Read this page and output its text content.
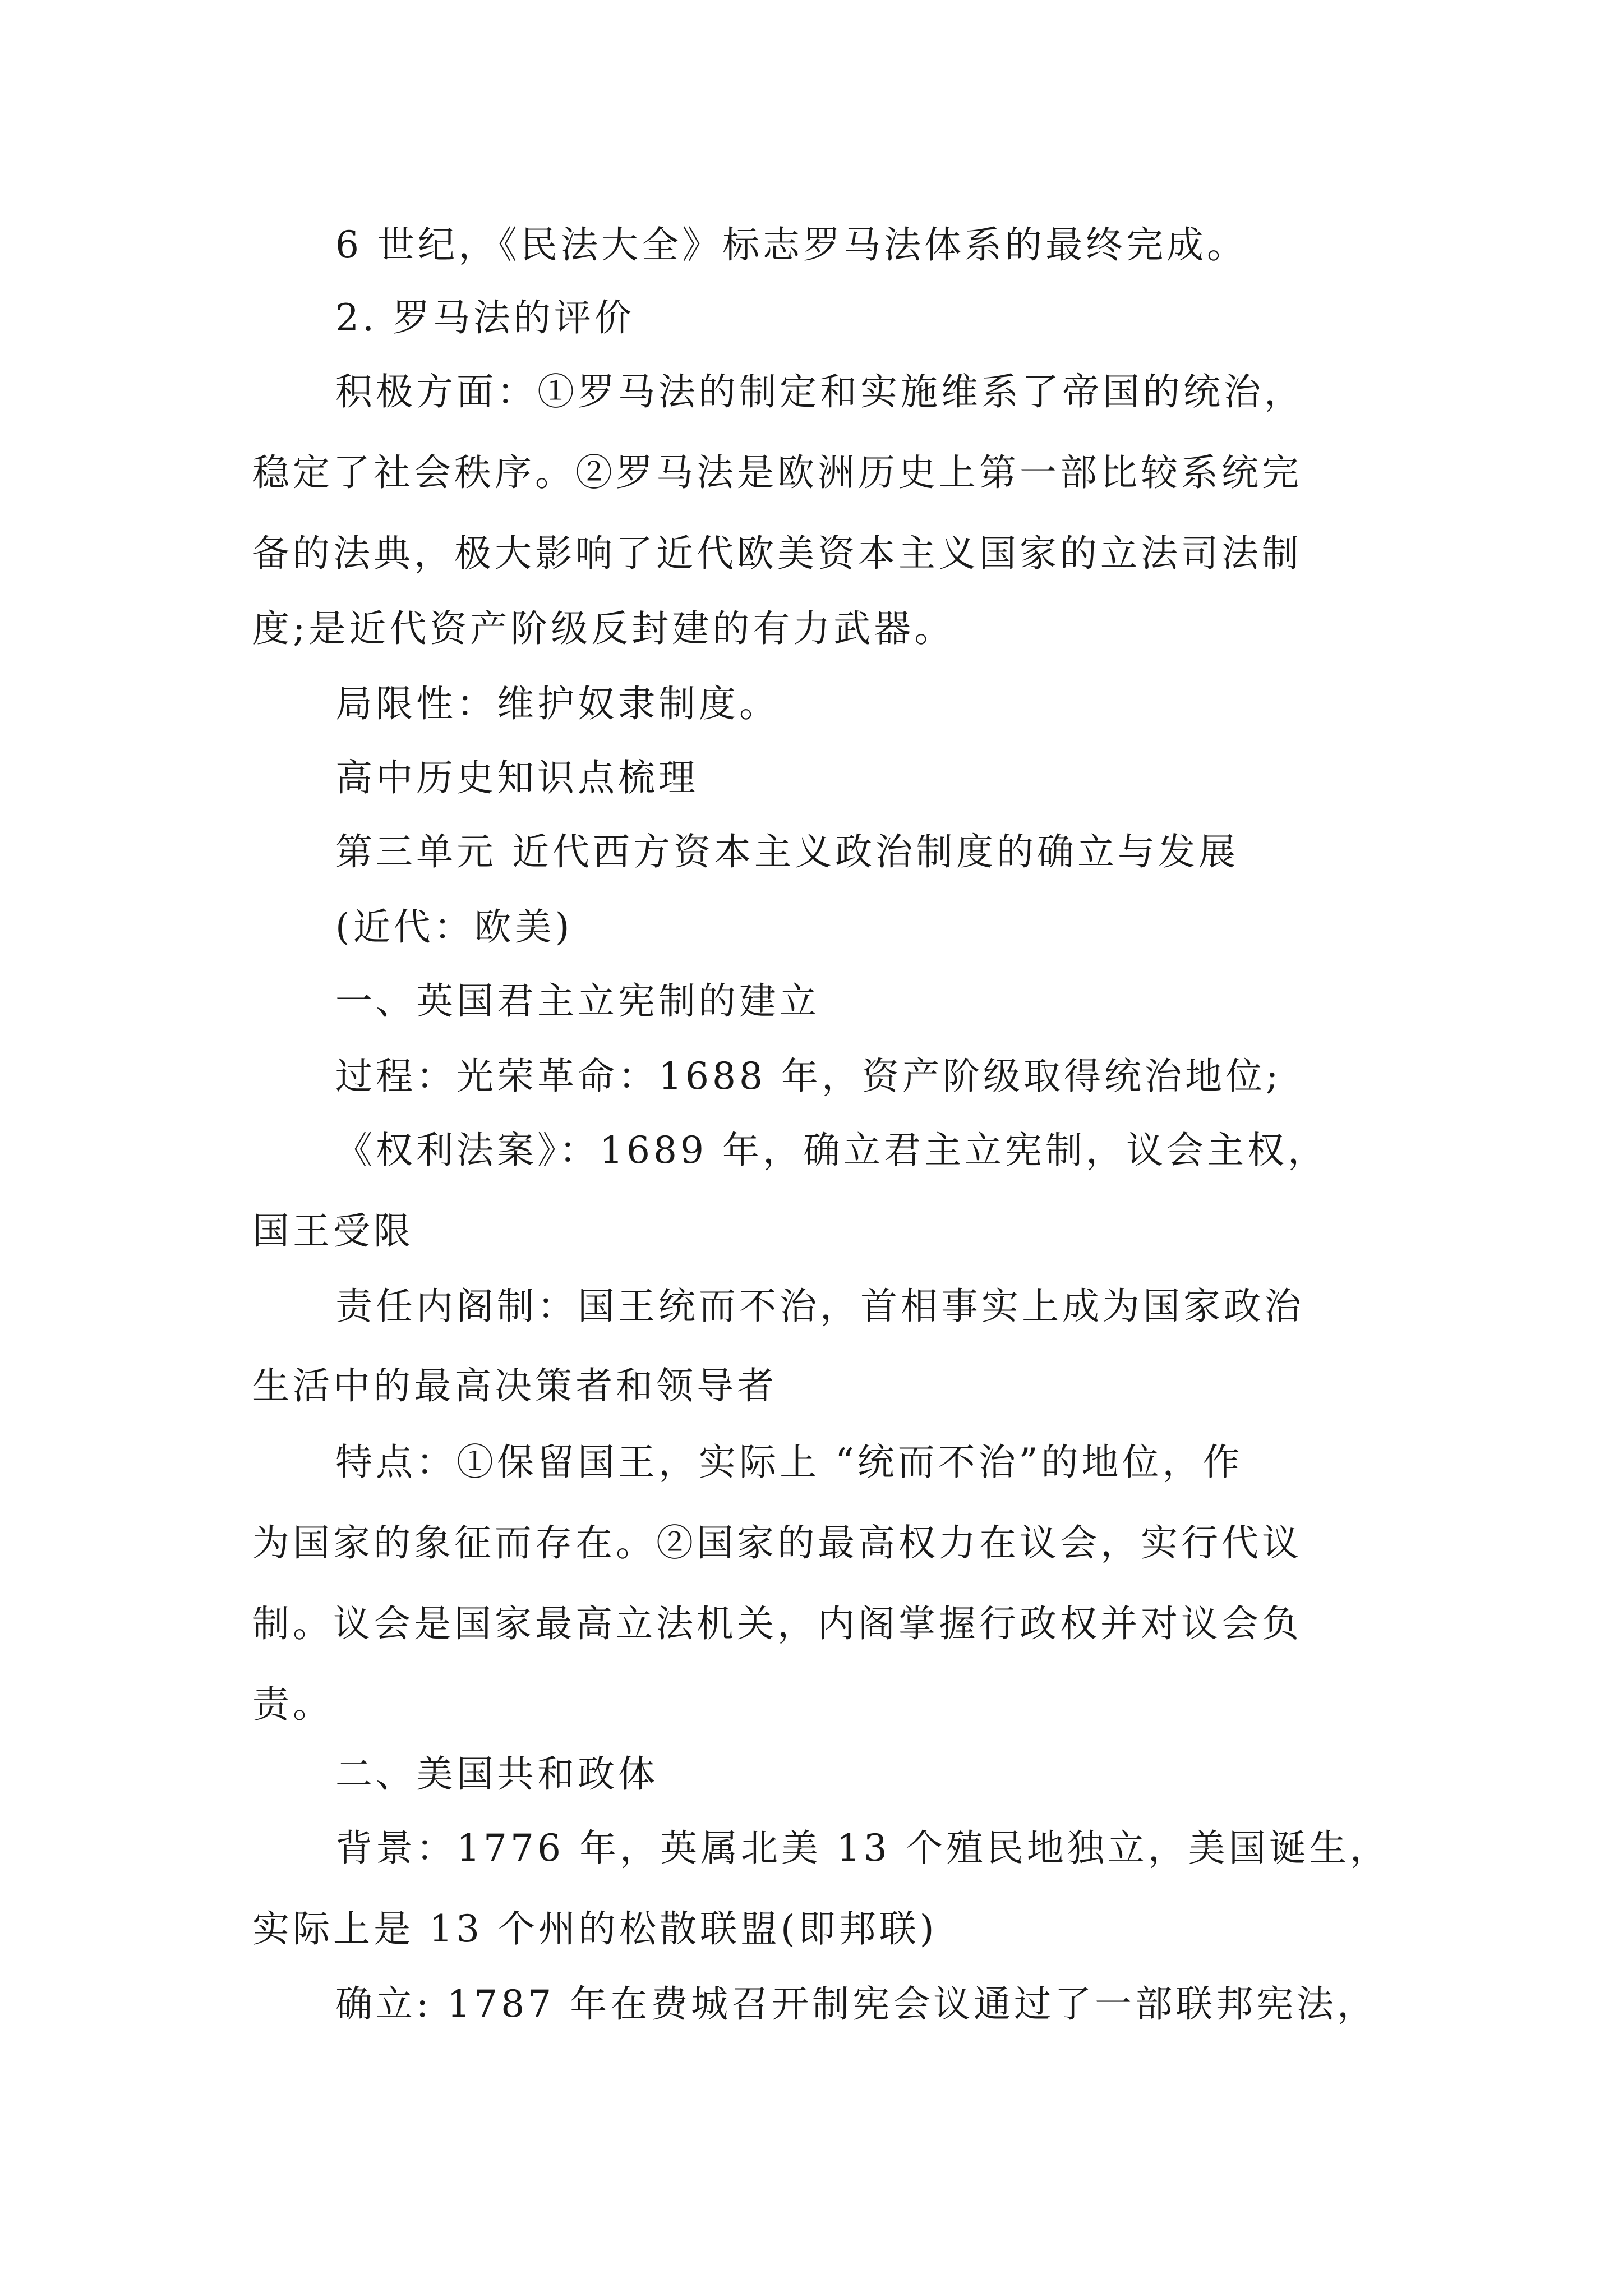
6 世纪，《民法大全》标志罗马法体系的最终完成。
2. 罗马法的评价
积极方面：①罗马法的制定和实施维系了帝国的统治，
稳定了社会秩序。②罗马法是欧洲历史上第一部比较系统完
备的法典，极大影响了近代欧美资本主义国家的立法司法制
度;是近代资产阶级反封建的有力武器。
局限性：维护奴隶制度。
高中历史知识点梳理
第三单元 近代西方资本主义政治制度的确立与发展
(近代：欧美)
一、英国君主立宪制的建立
过程：光荣革命：1688 年，资产阶级取得统治地位;
《权利法案》：1689 年，确立君主立宪制，议会主权，
国王受限
责任内阁制：国王统而不治，首相事实上成为国家政治
生活中的最高决策者和领导者
特点：①保留国王，实际上 “统而不治”的地位，作
为国家的象征而存在。②国家的最高权力在议会，实行代议
制。议会是国家最高立法机关，内阁掌握行政权并对议会负
责。
二、美国共和政体
背景：1776 年，英属北美 13 个殖民地独立，美国诞生，
实际上是 13 个州的松散联盟(即邦联)
确立: 1787 年在费城召开制宪会议通过了一部联邦宪法，
